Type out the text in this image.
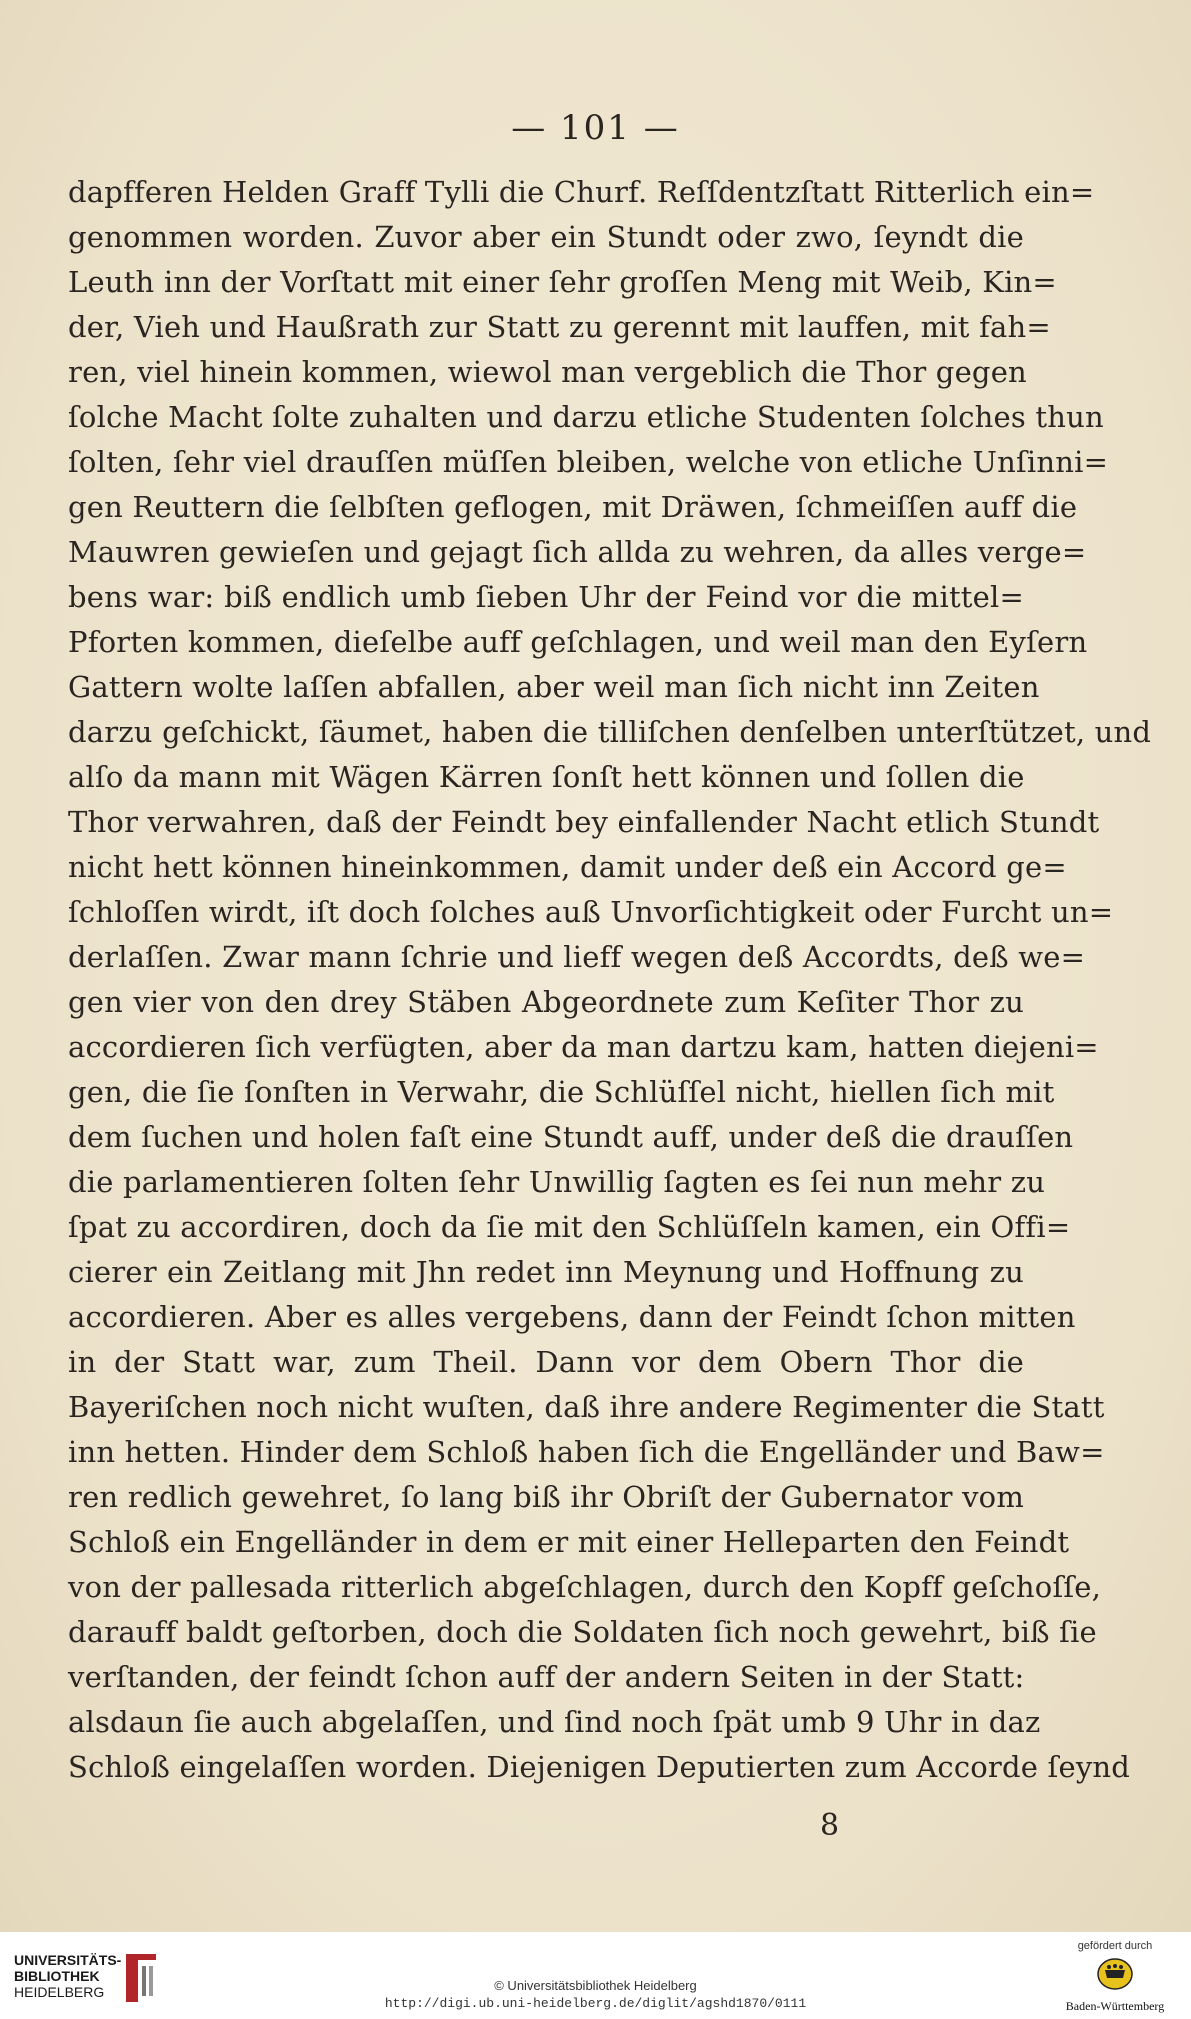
— 101 —
dapfferen Helden Graff Tylli die Churf. Reſſdentzſtatt Ritterlich ein=
genommen worden. Zuvor aber ein Stundt oder zwo, ſeyndt die
Leuth inn der Vorſtatt mit einer ſehr groſſen Meng mit Weib, Kin=
der, Vieh und Haußrath zur Statt zu gerennt mit lauffen, mit fah=
ren, viel hinein kommen, wiewol man vergeblich die Thor gegen
ſolche Macht ſolte zuhalten und darzu etliche Studenten ſolches thun
ſolten, ſehr viel drauſſen müſſen bleiben, welche von etliche Unſinni=
gen Reuttern die ſelbſten geflogen, mit Dräwen, ſchmeiſſen auff die
Mauwren gewieſen und gejagt ſich allda zu wehren, da alles verge=
bens war: biß endlich umb ſieben Uhr der Feind vor die mittel=
Pforten kommen, dieſelbe auff geſchlagen, und weil man den Eyſern
Gattern wolte laſſen abfallen, aber weil man ſich nicht inn Zeiten
darzu geſchickt, ſäumet, haben die tilliſchen denſelben unterſtützet, und
alſo da mann mit Wägen Kärren ſonſt hett können und ſollen die
Thor verwahren, daß der Feindt bey einfallender Nacht etlich Stundt
nicht hett können hineinkommen, damit under deß ein Accord ge=
ſchloſſen wirdt, iſt doch ſolches auß Unvorſichtigkeit oder Furcht un=
derlaſſen. Zwar mann ſchrie und lieff wegen deß Accordts, deß we=
gen vier von den drey Stäben Abgeordnete zum Keſiter Thor zu
accordieren ſich verfügten, aber da man dartzu kam, hatten diejeni=
gen, die ſie ſonſten in Verwahr, die Schlüſſel nicht, hiellen ſich mit
dem ſuchen und holen faſt eine Stundt auff, under deß die drauſſen
die parlamentieren ſolten ſehr Unwillig ſagten es ſei nun mehr zu
ſpat zu accordiren, doch da ſie mit den Schlüſſeln kamen, ein Offi=
cierer ein Zeitlang mit Jhn redet inn Meynung und Hoffnung zu
accordieren. Aber es alles vergebens, dann der Feindt ſchon mitten
in der Statt war, zum Theil. Dann vor dem Obern Thor die
Bayeriſchen noch nicht wuſten, daß ihre andere Regimenter die Statt
inn hetten. Hinder dem Schloß haben ſich die Engelländer und Baw=
ren redlich gewehret, ſo lang biß ihr Obriſt der Gubernator vom
Schloß ein Engelländer in dem er mit einer Helleparten den Feindt
von der pallesada ritterlich abgeſchlagen, durch den Kopff geſchoſſe,
darauff baldt geſtorben, doch die Soldaten ſich noch gewehrt, biß ſie
verſtanden, der feindt ſchon auff der andern Seiten in der Statt:
alsdaun ſie auch abgelaſſen, und ſind noch ſpät umb 9 Uhr in daz
Schloß eingelaſſen worden. Diejenigen Deputierten zum Accorde ſeynd
8
UNIVERSITÄTS-
BIBLIOTHEK
HEIDELBERG	© Universitätsbibliothek Heidelberg
http://digi.ub.uni-heidelberg.de/diglit/agshd1870/0111
gefördert durch
Baden-Württemberg
